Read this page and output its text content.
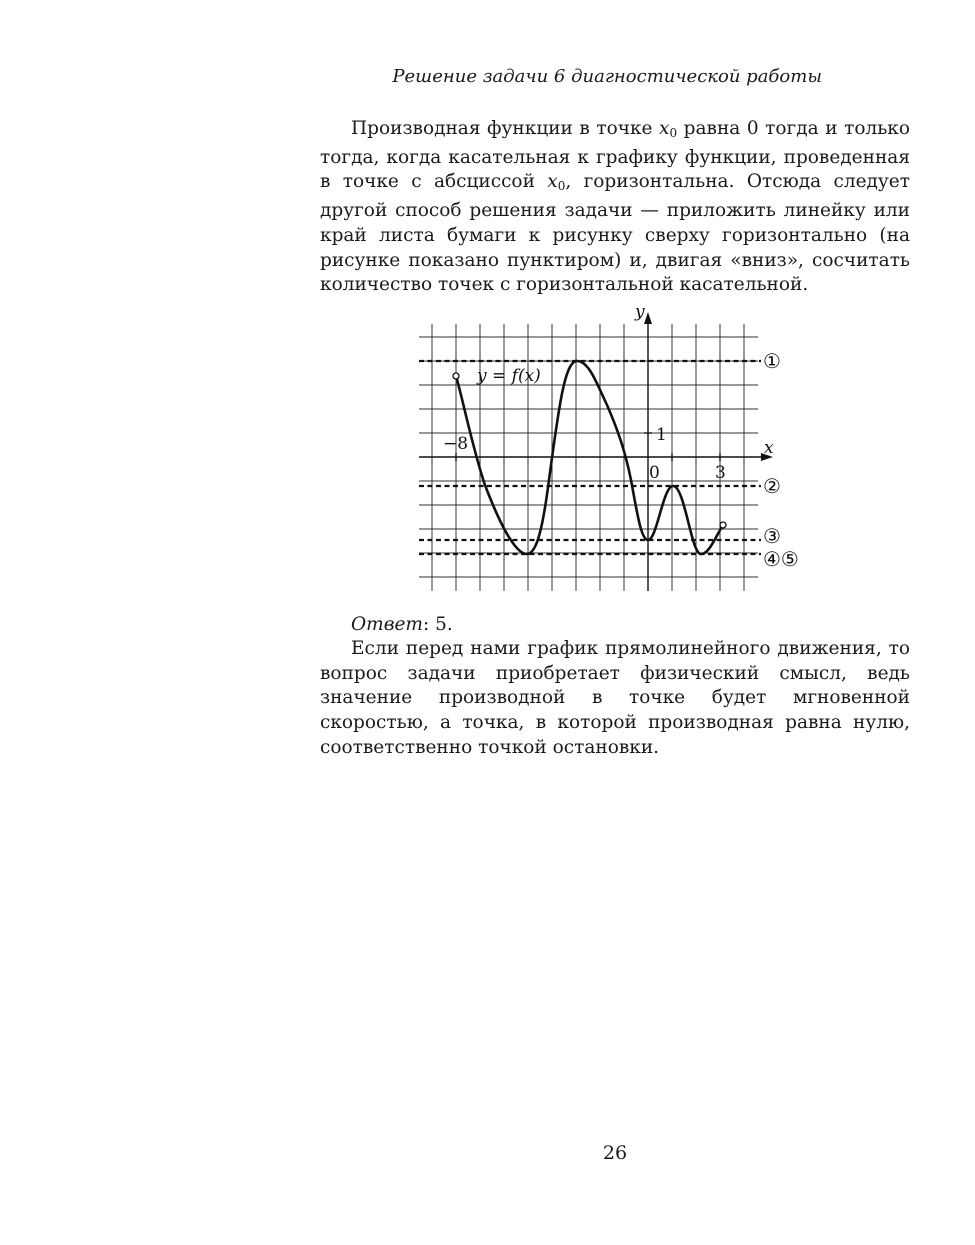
Решение задачи 6 диагностической работы

Производная функции в точке $x_0$ равна 0 тогда и только тогда, когда касательная к графику функции, проведенная в точке с абсциссой $x_0$, горизонтальна. Отсюда следует другой способ решения задачи — приложить линейку или край листа бумаги к рисунку сверху горизонтально (на рисунке показано пунктиром) и, двигая «вниз», сосчитать количество точек с горизонтальной касательной.

y
x
−8	1
0	3
y = f(x)
①
②
③
④⑤

Ответ: 5.

Если перед нами график прямолинейного движения, то вопрос задачи приобретает физический смысл, ведь значение производной в точке будет мгновенной скоростью, а точка, в которой производная равна нулю, соответственно точкой остановки.

26
